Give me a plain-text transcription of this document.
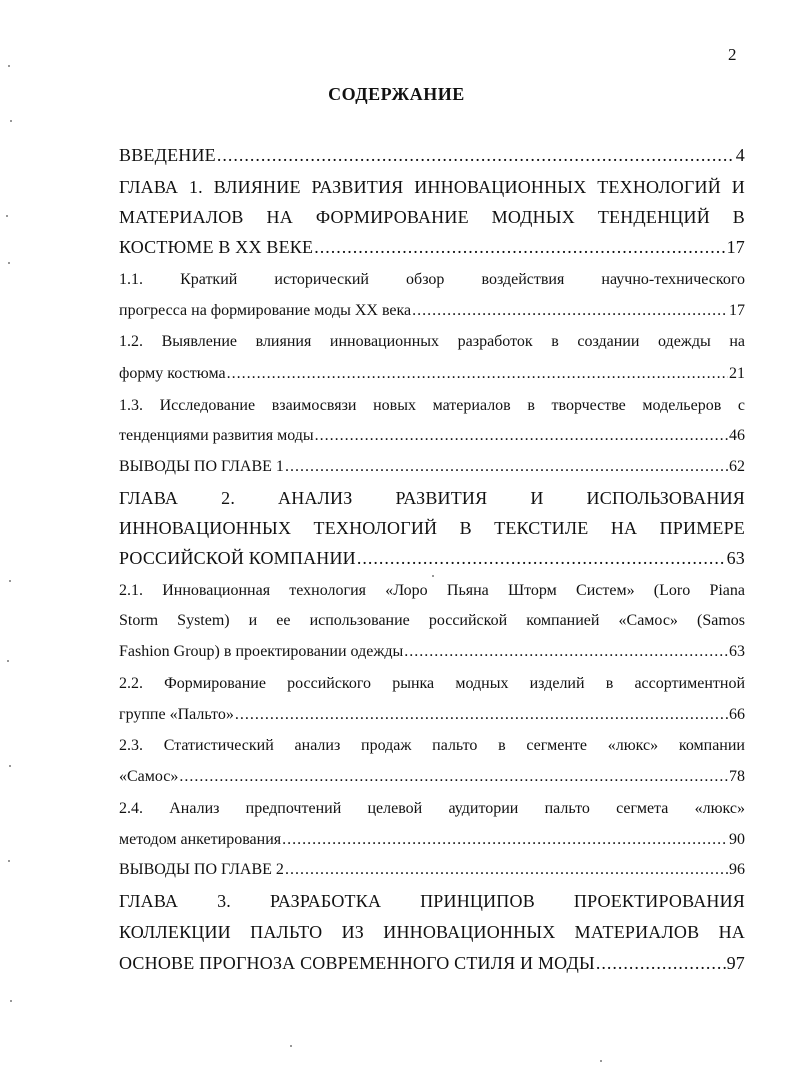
2
СОДЕРЖАНИЕ
ВВЕДЕНИЕ .....	4
ГЛАВА 1. ВЛИЯНИЕ РАЗВИТИЯ ИННОВАЦИОННЫХ ТЕХНОЛОГИЙ И
МАТЕРИАЛОВ НА ФОРМИРОВАНИЕ МОДНЫХ ТЕНДЕНЦИЙ В
КОСТЮМЕ В XX ВЕКЕ .....	17
1.1. Краткий исторический обзор воздействия научно-технического
прогресса на формирование моды XX века .....	17
1.2. Выявление влияния инновационных разработок в создании одежды на
форму костюма .....	21
1.3. Исследование взаимосвязи новых материалов в творчестве модельеров с
тенденциями развития моды .....	46
ВЫВОДЫ ПО ГЛАВЕ 1 .....	62
ГЛАВА 2. АНАЛИЗ РАЗВИТИЯ И ИСПОЛЬЗОВАНИЯ
ИННОВАЦИОННЫХ ТЕХНОЛОГИЙ В ТЕКСТИЛЕ НА ПРИМЕРЕ
РОССИЙСКОЙ КОМПАНИИ .....	63
2.1. Инновационная технология «Лоро Пьяна Шторм Систем» (Loro Piana
Storm System) и ее использование российской компанией «Самос» (Samos
Fashion Group) в проектировании одежды .....	63
2.2. Формирование российского рынка модных изделий в ассортиментной
группе «Пальто» .....	66
2.3. Статистический анализ продаж пальто в сегменте «люкс» компании
«Самос» .....	78
2.4. Анализ предпочтений целевой аудитории пальто сегмета «люкс»
методом анкетирования .....	90
ВЫВОДЫ ПО ГЛАВЕ 2 .....	96
ГЛАВА 3. РАЗРАБОТКА ПРИНЦИПОВ ПРОЕКТИРОВАНИЯ
КОЛЛЕКЦИИ ПАЛЬТО ИЗ ИННОВАЦИОННЫХ МАТЕРИАЛОВ НА
ОСНОВЕ ПРОГНОЗА СОВРЕМЕННОГО СТИЛЯ И МОДЫ .....	97
